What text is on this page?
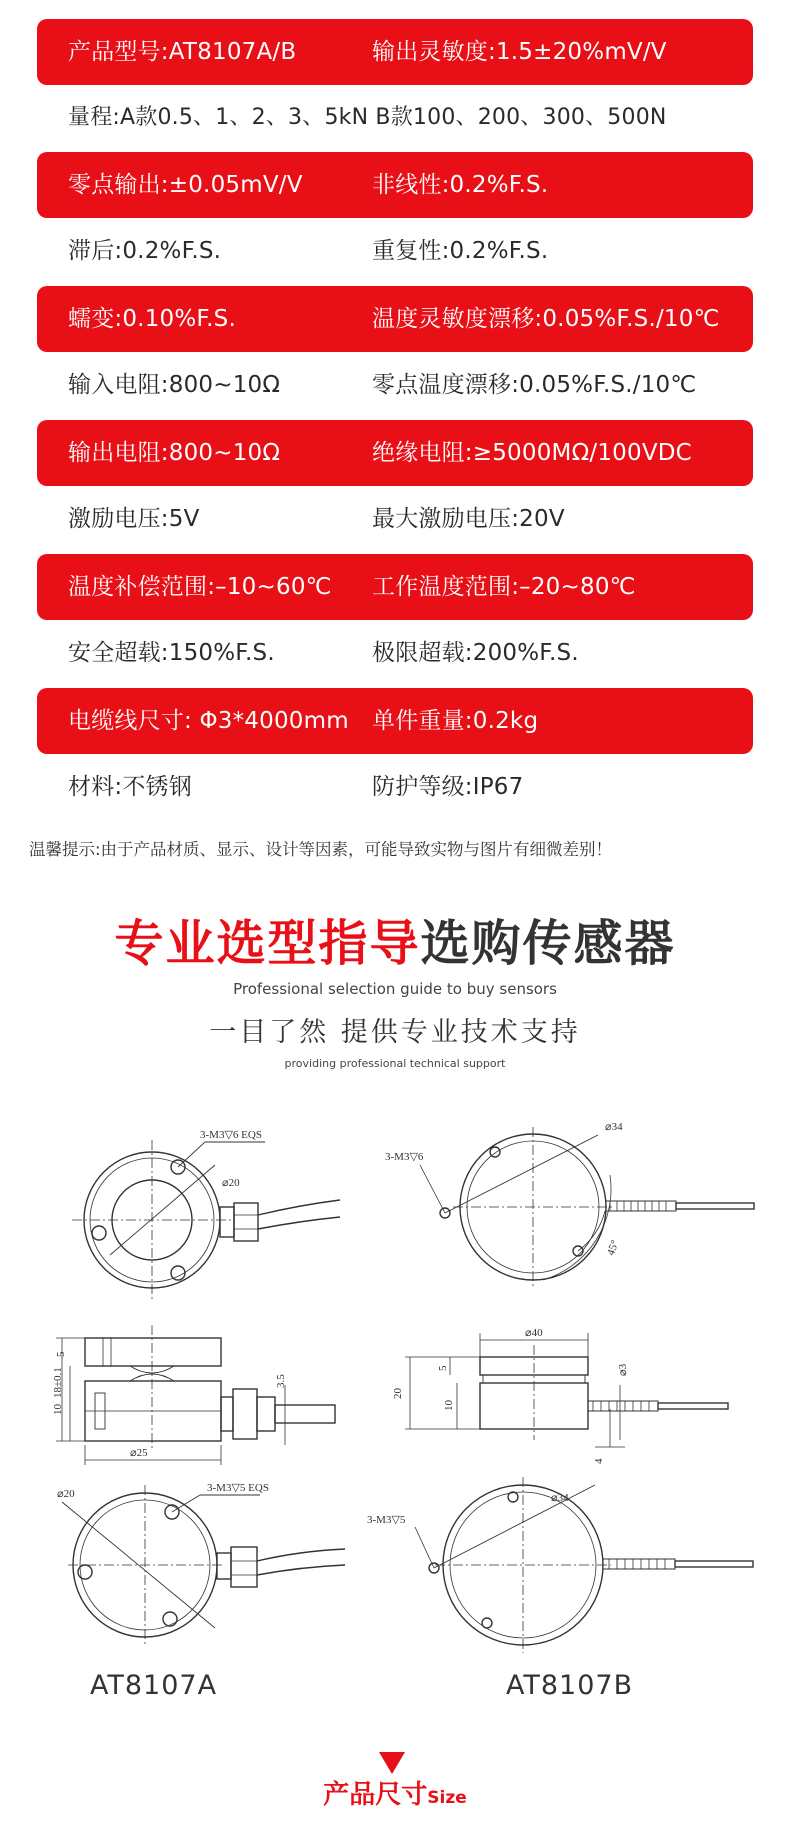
产品型号:AT8107A/B	输出灵敏度:1.5±20%mV/V
量程:A款0.5、1、2、3、5kN B款100、200、300、500N
零点输出:±0.05mV/V	非线性:0.2%F.S.
滞后:0.2%F.S.	重复性:0.2%F.S.
蠕变:0.10%F.S.	温度灵敏度漂移:0.05%F.S./10℃
输入电阻:800~10Ω	零点温度漂移:0.05%F.S./10℃
输出电阻:800~10Ω	绝缘电阻:≥5000MΩ/100VDC
激励电压:5V	最大激励电压:20V
温度补偿范围:–10~60℃ 工作温度范围:–20~80℃
安全超载:150%F.S.	极限超载:200%F.S.
电缆线尺寸: Φ3*4000mm 单件重量:0.2kg
材料:不锈钢	防护等级:IP67
温馨提示:由于产品材质、显示、设计等因素，可能导致实物与图片有细微差别！
专业选型指导选购传感器
Professional selection guide to buy sensors
一目了然 提供专业技术支持
providing professional technical support
3-M3▽6 EQS
⌀20
⌀25
18±0.1
5
10
3.5
3-M3▽5 EQS
⌀20
⌀34
3-M3▽6
45°
⌀40
20
5
10
⌀3
4
3-M3▽5
⌀34
AT8107A	AT8107B
产品尺寸Size
